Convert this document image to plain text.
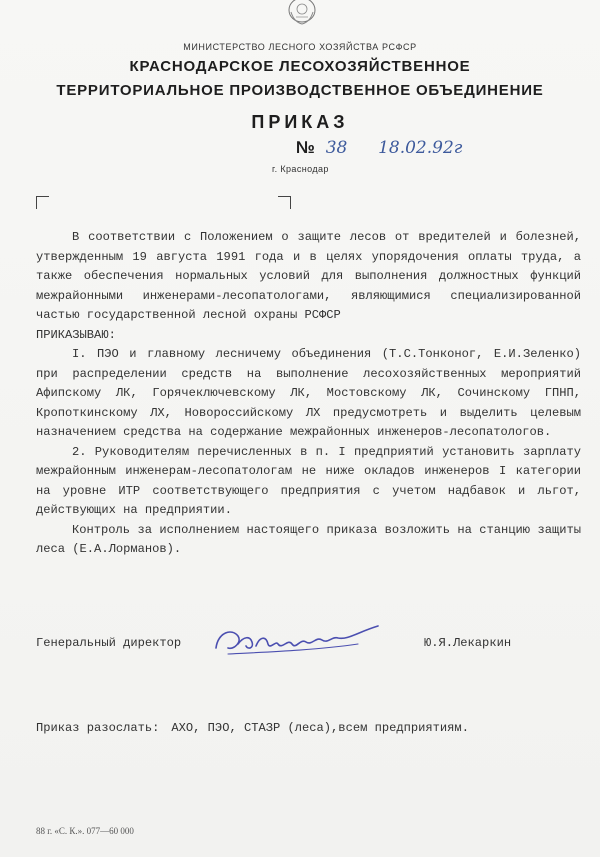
МИНИСТЕРСТВО ЛЕСНОГО ХОЗЯЙСТВА РСФСР
КРАСНОДАРСКОЕ ЛЕСОХОЗЯЙСТВЕННОЕ
ТЕРРИТОРИАЛЬНОЕ ПРОИЗВОДСТВЕННОЕ ОБЪЕДИНЕНИЕ
ПРИКАЗ
№ 38 18.02.92г
г. Краснодар

В соответствии с Положением о защите лесов от вредителей и болезней, утвержденным 19 августа 1991 года и в целях упорядочения оплаты труда, а также обеспечения нормальных условий для выполнения должностных функций межрайонными инженерами-лесопатологами, являющимися специализированной частью государственной лесной охраны РСФСР

ПРИКАЗЫВАЮ:

I. ПЭО и главному лесничему объединения (Т.С.Тонконог, Е.И.Зеленко) при распределении средств на выполнение лесохозяйственных мероприятий Афипскому ЛК, Горячеключевскому ЛК, Мостовскому ЛК, Сочинскому ГПНП, Кропоткинскому ЛХ, Новороссийскому ЛХ предусмотреть и выделить целевым назначением средства на содержание межрайонных инженеров-лесопатологов.

2. Руководителям перечисленных в п. I предприятий установить зарплату межрайонным инженерам-лесопатологам не ниже окладов инженеров I категории на уровне ИТР соответствующего предприятия с учетом надбавок и льгот, действующих на предприятии.

Контроль за исполнением настоящего приказа возложить на станцию защиты леса (Е.А.Лорманов).

Генеральный директор	Ю.Я.Лекаркин
Приказ разослать: АХО, ПЭО, СТАЗР (леса),всем предприятиям.
88 г. «С. К.». 077—60 000
